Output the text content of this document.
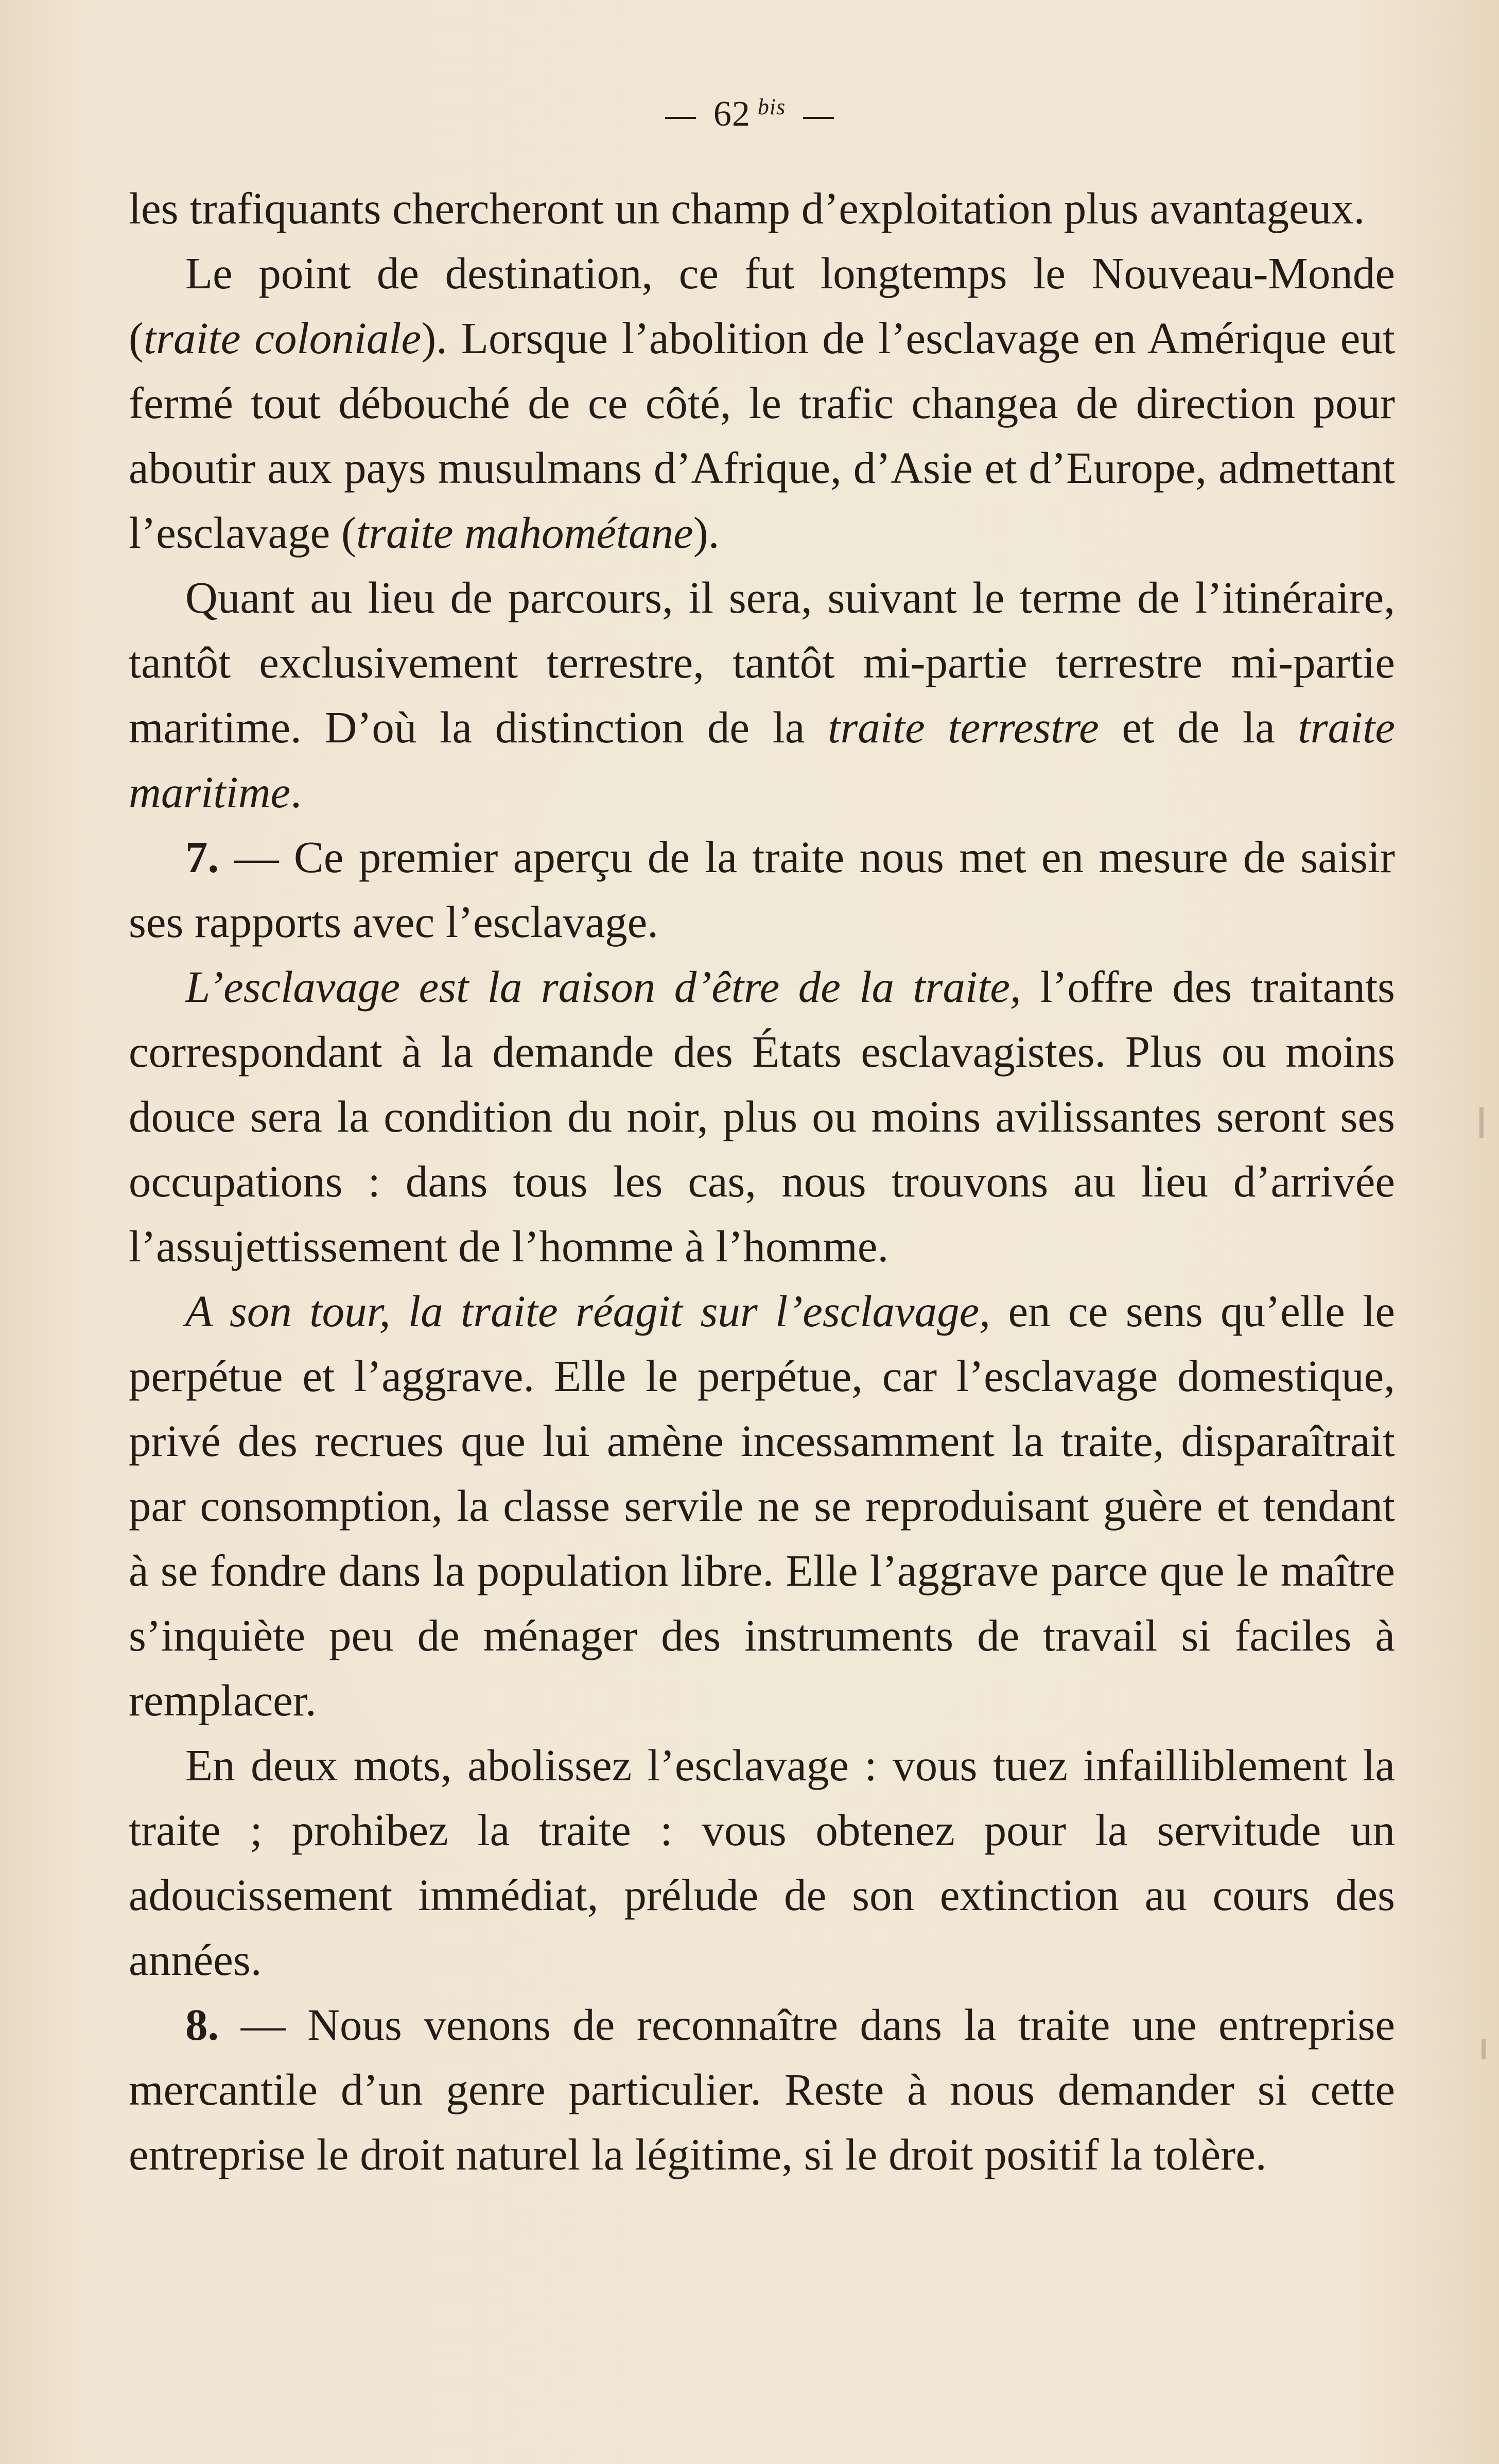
62 $^{bis}$

les trafiquants chercheront un champ d’exploitation plus avantageux.

Le point de destination, ce fut longtemps le Nouveau-Monde (traite coloniale). Lorsque l’abolition de l’esclavage en Amérique eut fermé tout débouché de ce côté, le trafic changea de direction pour aboutir aux pays musulmans d’Afrique, d’Asie et d’Europe, admettant l’esclavage (traite mahométane).

Quant au lieu de parcours, il sera, suivant le terme de l’itinéraire, tantôt exclusivement terrestre, tantôt mi-partie terrestre mi-partie maritime. D’où la distinction de la traite terrestre et de la traite maritime.

7. — Ce premier aperçu de la traite nous met en mesure de saisir ses rapports avec l’esclavage.

L’esclavage est la raison d’être de la traite, l’offre des traitants correspondant à la demande des États esclavagistes. Plus ou moins douce sera la condition du noir, plus ou moins avilissantes seront ses occupations : dans tous les cas, nous trouvons au lieu d’arrivée l’assujettissement de l’homme à l’homme.

A son tour, la traite réagit sur l’esclavage, en ce sens qu’elle le perpétue et l’aggrave. Elle le perpétue, car l’esclavage domestique, privé des recrues que lui amène incessamment la traite, disparaîtrait par consomption, la classe servile ne se reproduisant guère et tendant à se fondre dans la population libre. Elle l’aggrave parce que le maître s’inquiète peu de ménager des instruments de travail si faciles à remplacer.

En deux mots, abolissez l’esclavage : vous tuez infailliblement la traite ; prohibez la traite : vous obtenez pour la servitude un adoucissement immédiat, prélude de son extinction au cours des années.

8. — Nous venons de reconnaître dans la traite une entreprise mercantile d’un genre particulier. Reste à nous demander si cette entreprise le droit naturel la légitime, si le droit positif la tolère.
